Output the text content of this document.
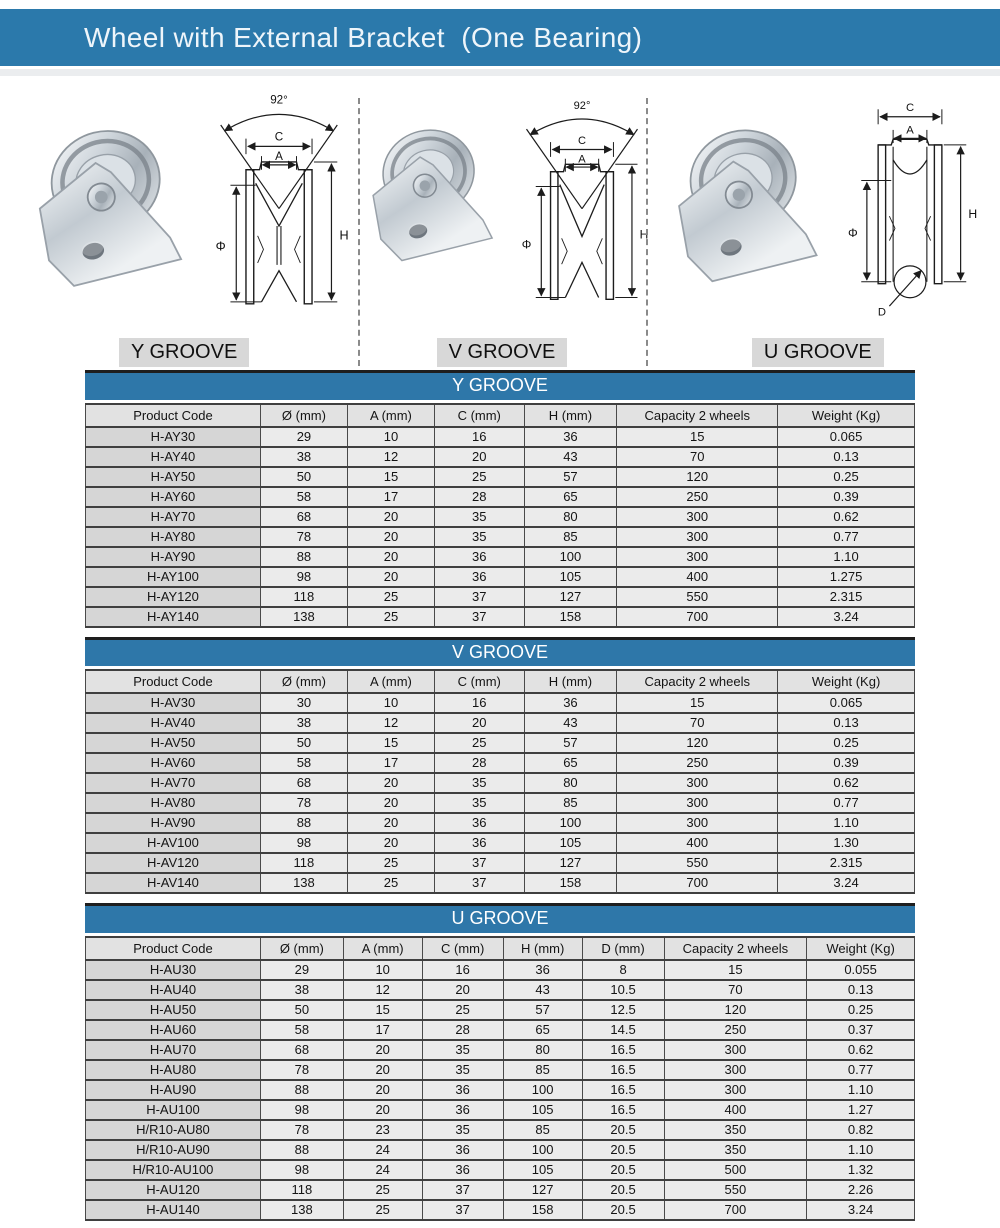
Wheel with External Bracket  (One Bearing)
92°
C
A
Φ
H
Y GROOVE
92°
C
A
Φ
H
V GROOVE
C
A
Φ
H
D
U GROOVE
Y GROOVE
Product Code	Ø (mm)	A (mm)	C (mm)	H (mm)	Capacity 2 wheels	Weight (Kg)
H-AY30	29	10	16	36	15	0.065
H-AY40	38	12	20	43	70	0.13
H-AY50	50	15	25	57	120	0.25
H-AY60	58	17	28	65	250	0.39
H-AY70	68	20	35	80	300	0.62
H-AY80	78	20	35	85	300	0.77
H-AY90	88	20	36	100	300	1.10
H-AY100	98	20	36	105	400	1.275
H-AY120	118	25	37	127	550	2.315
H-AY140	138	25	37	158	700	3.24
V GROOVE
Product Code	Ø (mm)	A (mm)	C (mm)	H (mm)	Capacity 2 wheels	Weight (Kg)
H-AV30	30	10	16	36	15	0.065
H-AV40	38	12	20	43	70	0.13
H-AV50	50	15	25	57	120	0.25
H-AV60	58	17	28	65	250	0.39
H-AV70	68	20	35	80	300	0.62
H-AV80	78	20	35	85	300	0.77
H-AV90	88	20	36	100	300	1.10
H-AV100	98	20	36	105	400	1.30
H-AV120	118	25	37	127	550	2.315
H-AV140	138	25	37	158	700	3.24
U GROOVE
Product Code	Ø (mm)	A (mm)	C (mm)	H (mm)	D (mm)	Capacity 2 wheels	Weight (Kg)
H-AU30	29	10	16	36	8	15	0.055
H-AU40	38	12	20	43	10.5	70	0.13
H-AU50	50	15	25	57	12.5	120	0.25
H-AU60	58	17	28	65	14.5	250	0.37
H-AU70	68	20	35	80	16.5	300	0.62
H-AU80	78	20	35	85	16.5	300	0.77
H-AU90	88	20	36	100	16.5	300	1.10
H-AU100	98	20	36	105	16.5	400	1.27
H/R10-AU80	78	23	35	85	20.5	350	0.82
H/R10-AU90	88	24	36	100	20.5	350	1.10
H/R10-AU100	98	24	36	105	20.5	500	1.32
H-AU120	118	25	37	127	20.5	550	2.26
H-AU140	138	25	37	158	20.5	700	3.24
